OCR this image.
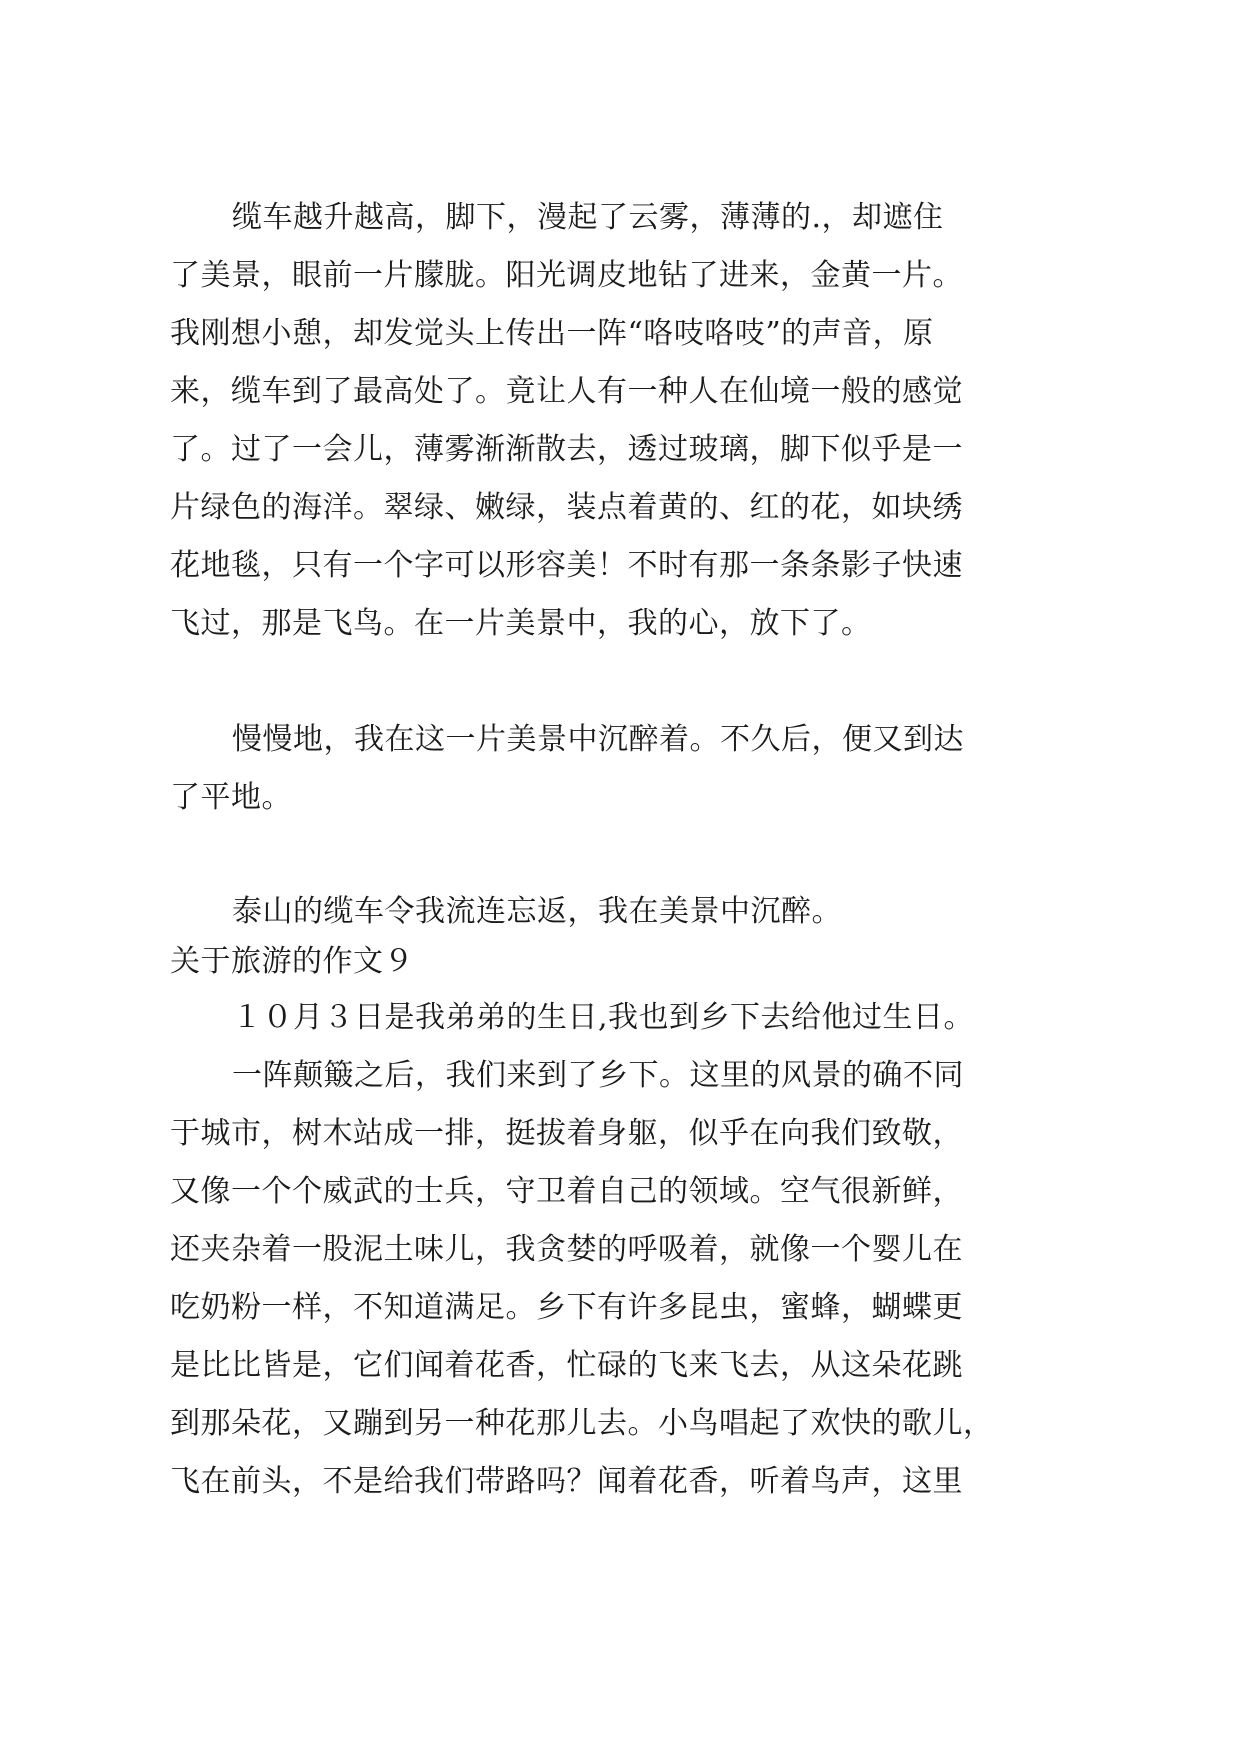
缆车越升越高，脚下，漫起了云雾，薄薄的.，却遮住
了美景，眼前一片朦胧。阳光调皮地钻了进来，金黄一片。
我刚想小憩，却发觉头上传出一阵“咯吱咯吱”的声音，原
来，缆车到了最高处了。竟让人有一种人在仙境一般的感觉
了。过了一会儿，薄雾渐渐散去，透过玻璃，脚下似乎是一
片绿色的海洋。翠绿、嫩绿，装点着黄的、红的花，如块绣
花地毯，只有一个字可以形容美！不时有那一条条影子快速
飞过，那是飞鸟。在一片美景中，我的心，放下了。
慢慢地，我在这一片美景中沉醉着。不久后，便又到达
了平地。
泰山的缆车令我流连忘返，我在美景中沉醉。
关于旅游的作文９
１０月３日是我弟弟的生日,我也到乡下去给他过生日。
一阵颠簸之后，我们来到了乡下。这里的风景的确不同
于城市，树木站成一排，挺拔着身躯，似乎在向我们致敬，
又像一个个威武的士兵，守卫着自己的领域。空气很新鲜，
还夹杂着一股泥土味儿，我贪婪的呼吸着，就像一个婴儿在
吃奶粉一样，不知道满足。乡下有许多昆虫，蜜蜂，蝴蝶更
是比比皆是，它们闻着花香，忙碌的飞来飞去，从这朵花跳
到那朵花，又蹦到另一种花那儿去。小鸟唱起了欢快的歌儿，
飞在前头，不是给我们带路吗？闻着花香，听着鸟声，这里
